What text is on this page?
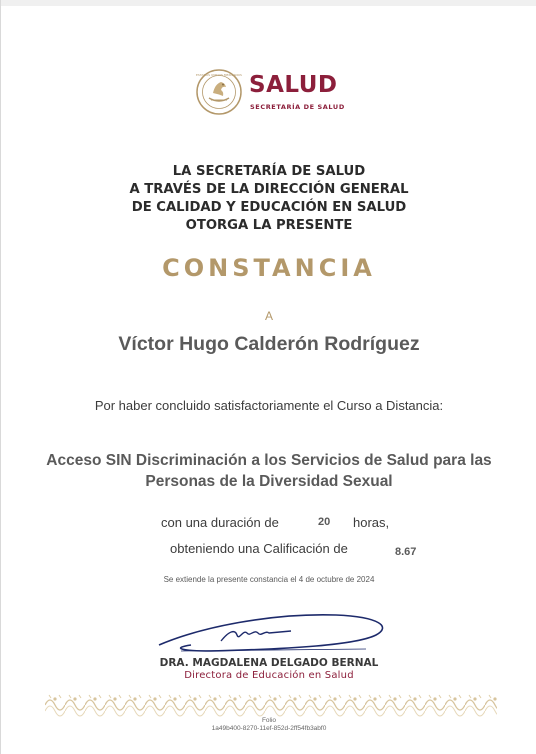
ESTADOS UNIDOS MEXICANOS SALUD
SECRETARÍA DE SALUD
LA SECRETARÍA DE SALUD
A TRAVÉS DE LA DIRECCIÓN GENERAL
DE CALIDAD Y EDUCACIÓN EN SALUD
OTORGA LA PRESENTE
CONSTANCIA
A
Víctor Hugo Calderón Rodríguez
Por haber concluido satisfactoriamente el Curso a Distancia:
Acceso SIN Discriminación a los Servicios de Salud para las
Personas de la Diversidad Sexual
con una duración de	20 horas,
obteniendo una Calificación de	8.67
Se extiende la presente constancia el 4 de octubre de 2024
DRA. MAGDALENA DELGADO BERNAL
Directora de Educación en Salud
Folio
1a49b400-8270-11ef-852d-2ff54fb3abf0
